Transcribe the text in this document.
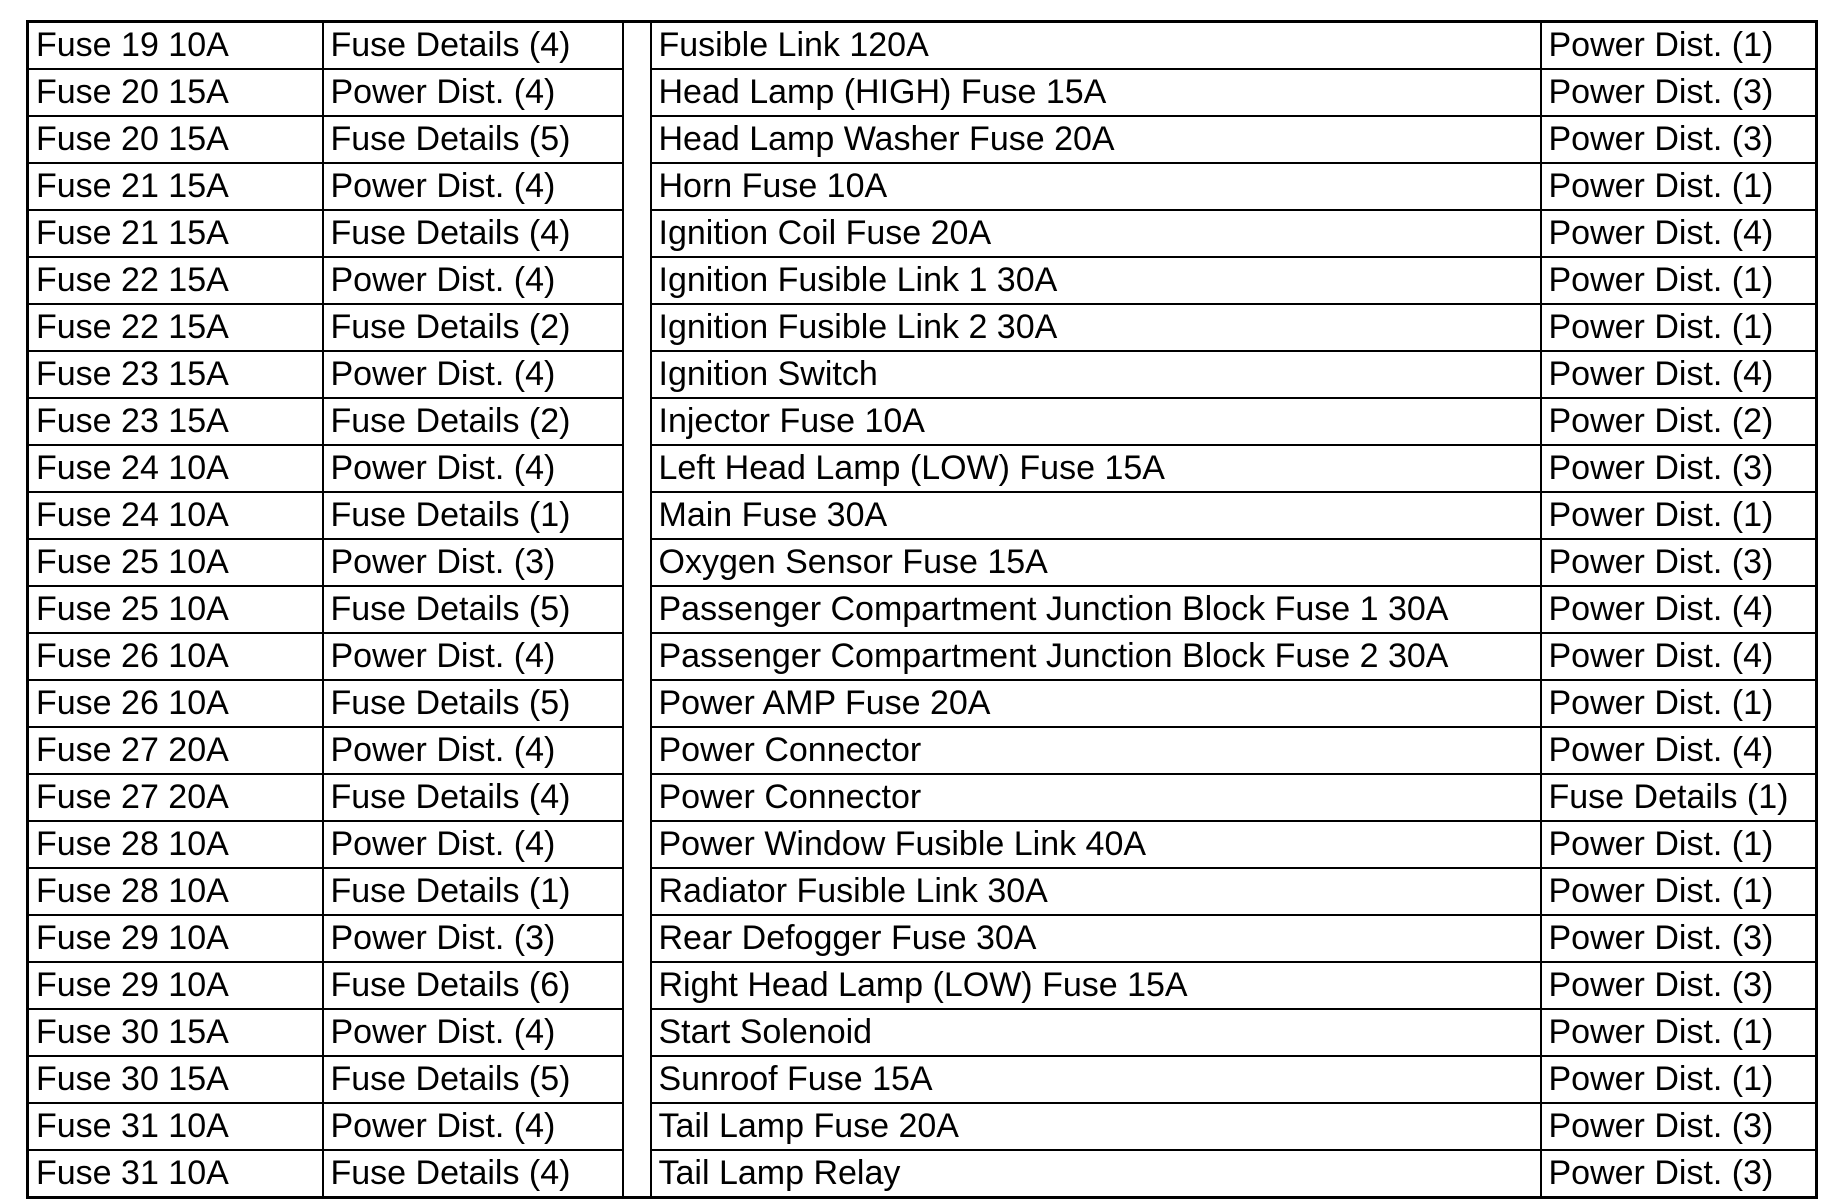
Fuse 19 10A	Fuse Details (4)		Fusible Link 120A	Power Dist. (1)
Fuse 20 15A	Power Dist. (4)		Head Lamp (HIGH) Fuse 15A	Power Dist. (3)
Fuse 20 15A	Fuse Details (5)		Head Lamp Washer Fuse 20A	Power Dist. (3)
Fuse 21 15A	Power Dist. (4)		Horn Fuse 10A	Power Dist. (1)
Fuse 21 15A	Fuse Details (4)		Ignition Coil Fuse 20A	Power Dist. (4)
Fuse 22 15A	Power Dist. (4)		Ignition Fusible Link 1 30A	Power Dist. (1)
Fuse 22 15A	Fuse Details (2)		Ignition Fusible Link 2 30A	Power Dist. (1)
Fuse 23 15A	Power Dist. (4)		Ignition Switch	Power Dist. (4)
Fuse 23 15A	Fuse Details (2)		Injector Fuse 10A	Power Dist. (2)
Fuse 24 10A	Power Dist. (4)		Left Head Lamp (LOW) Fuse 15A	Power Dist. (3)
Fuse 24 10A	Fuse Details (1)		Main Fuse 30A	Power Dist. (1)
Fuse 25 10A	Power Dist. (3)		Oxygen Sensor Fuse 15A	Power Dist. (3)
Fuse 25 10A	Fuse Details (5)		Passenger Compartment Junction Block Fuse 1 30A	Power Dist. (4)
Fuse 26 10A	Power Dist. (4)		Passenger Compartment Junction Block Fuse 2 30A	Power Dist. (4)
Fuse 26 10A	Fuse Details (5)		Power AMP Fuse 20A	Power Dist. (1)
Fuse 27 20A	Power Dist. (4)		Power Connector	Power Dist. (4)
Fuse 27 20A	Fuse Details (4)		Power Connector	Fuse Details (1)
Fuse 28 10A	Power Dist. (4)		Power Window Fusible Link 40A	Power Dist. (1)
Fuse 28 10A	Fuse Details (1)		Radiator Fusible Link 30A	Power Dist. (1)
Fuse 29 10A	Power Dist. (3)		Rear Defogger Fuse 30A	Power Dist. (3)
Fuse 29 10A	Fuse Details (6)		Right Head Lamp (LOW) Fuse 15A	Power Dist. (3)
Fuse 30 15A	Power Dist. (4)		Start Solenoid	Power Dist. (1)
Fuse 30 15A	Fuse Details (5)		Sunroof Fuse 15A	Power Dist. (1)
Fuse 31 10A	Power Dist. (4)		Tail Lamp Fuse 20A	Power Dist. (3)
Fuse 31 10A	Fuse Details (4)		Tail Lamp Relay	Power Dist. (3)
